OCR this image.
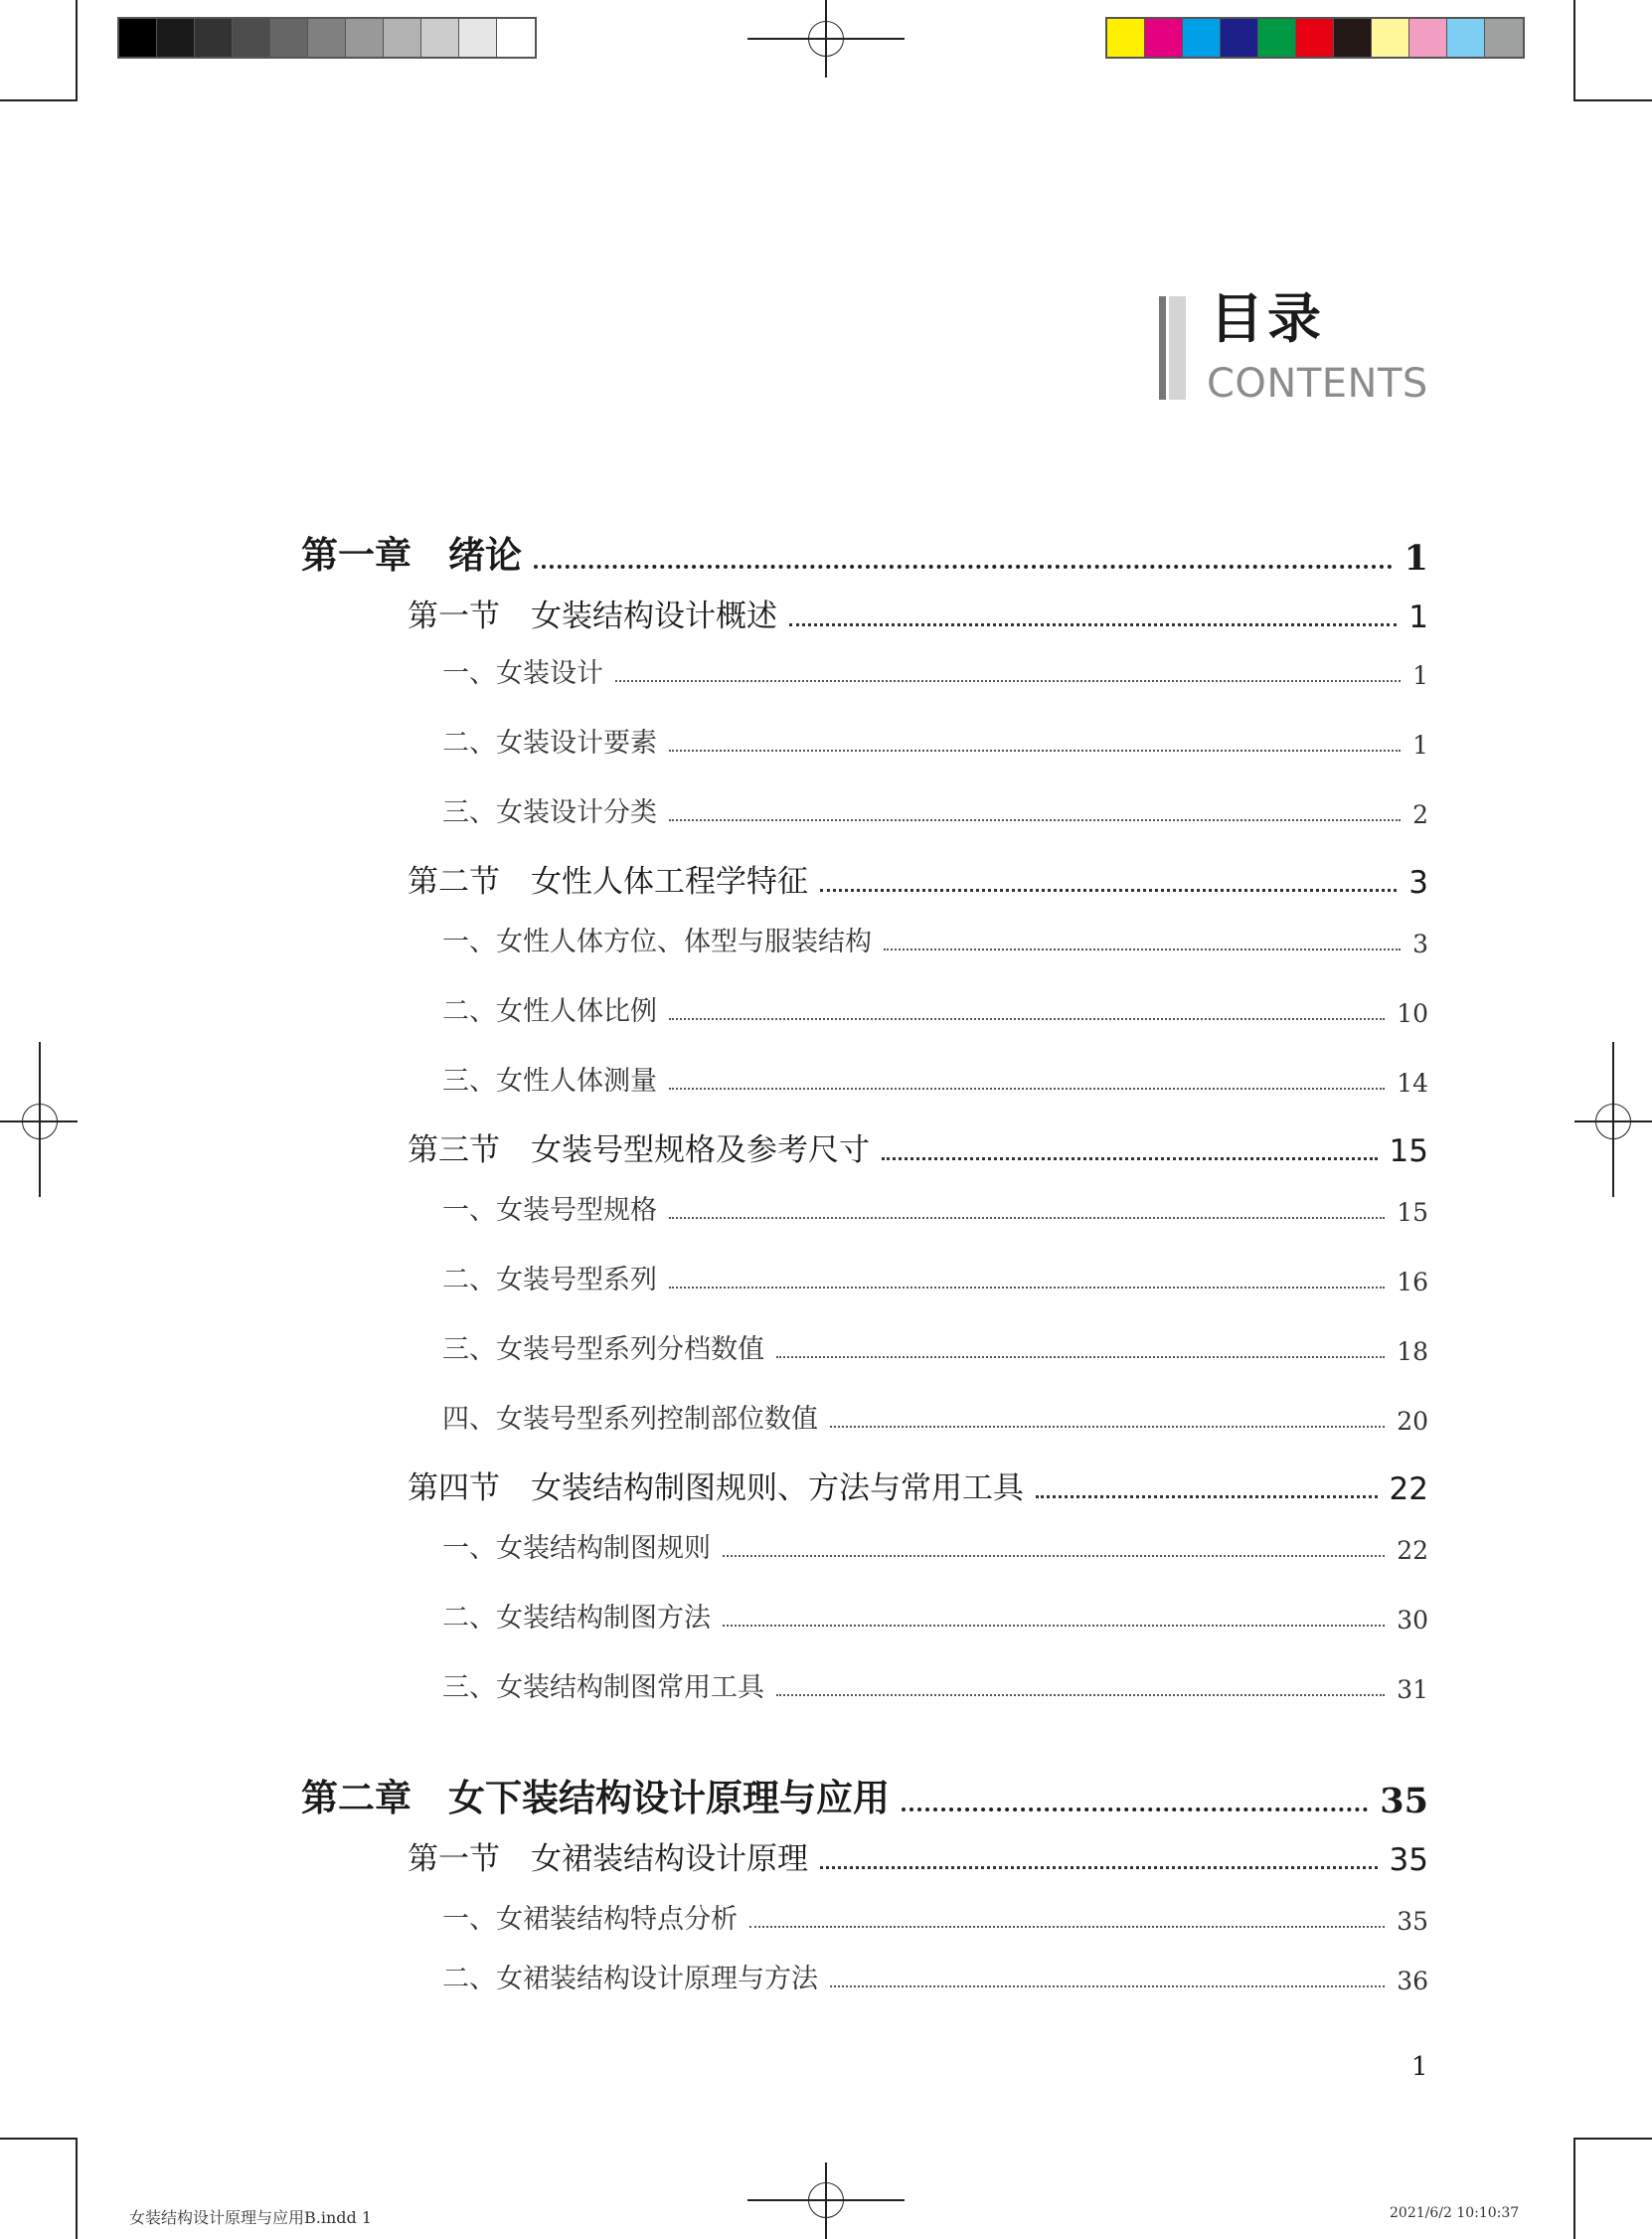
目录
CONTENTS
第一章　绪论	1
第一节　女装结构设计概述	1
一、女装设计	1
二、女装设计要素	1
三、女装设计分类	2
第二节　女性人体工程学特征	3
一、女性人体方位、体型与服装结构	3
二、女性人体比例	10
三、女性人体测量	14
第三节　女装号型规格及参考尺寸	15
一、女装号型规格	15
二、女装号型系列	16
三、女装号型系列分档数值	18
四、女装号型系列控制部位数值	20
第四节　女装结构制图规则、方法与常用工具	22
一、女装结构制图规则	22
二、女装结构制图方法	30
三、女装结构制图常用工具	31
第二章　女下装结构设计原理与应用	35
第一节　女裙装结构设计原理	35
一、女裙装结构特点分析	35
二、女裙装结构设计原理与方法	36
1
女装结构设计原理与应用B.indd 1	2021/6/2 10:10:37
